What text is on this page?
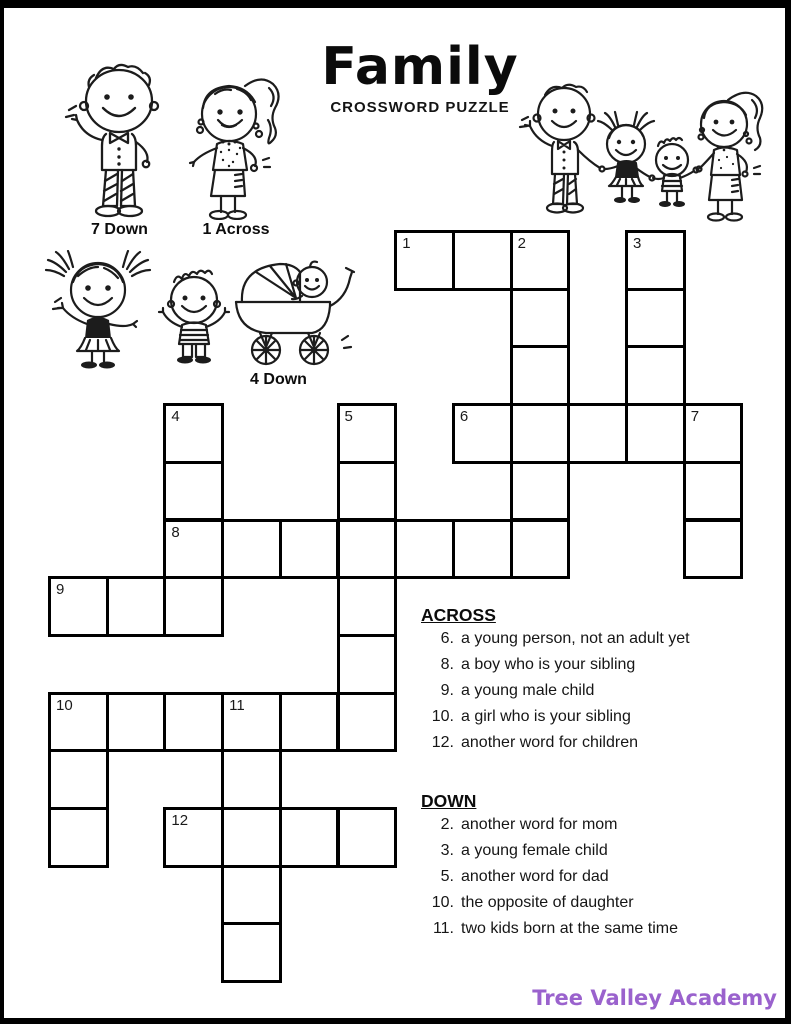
Family
CROSSWORD PUZZLE
7 Down	1 Across
4 Down
1	2	3
4	5	6	7
8
9
10	11
12
ACROSS
6. a young person, not an adult yet
8. a boy who is your sibling
9. a young male child
10. a girl who is your sibling
12. another word for children
DOWN
2. another word for mom
3. a young female child
5. another word for dad
10. the opposite of daughter
11. two kids born at the same time
Tree Valley Academy
